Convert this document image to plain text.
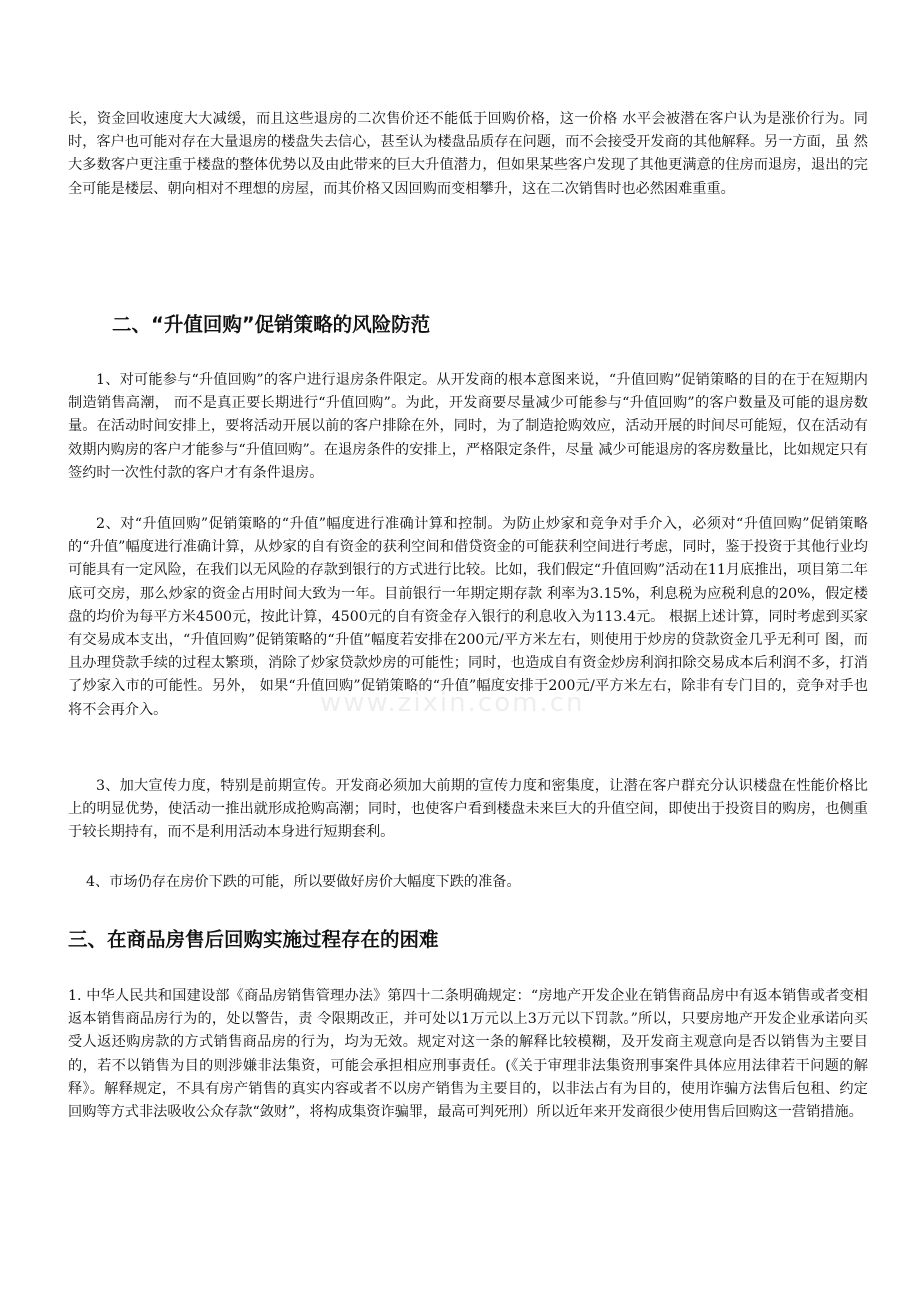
长，资金回收速度大大减缓，而且这些退房的二次售价还不能低于回购价格，这一价格 水平会被潜在客户认为是涨价行为。同时，客户也可能对存在大量退房的楼盘失去信心，甚至认为楼盘品质存在问题，而不会接受开发商的其他解释。另一方面，虽 然大多数客户更注重于楼盘的整体优势以及由此带来的巨大升值潜力，但如果某些客户发现了其他更满意的住房而退房，退出的完全可能是楼层、朝向相对不理想的房屋，而其价格又因回购而变相攀升，这在二次销售时也必然困难重重。

二、“升值回购”促销策略的风险防范

1、对可能参与“升值回购”的客户进行退房条件限定。从开发商的根本意图来说，“升值回购”促销策略的目的在于在短期内制造销售高潮， 而不是真正要长期进行“升值回购”。为此，开发商要尽量减少可能参与“升值回购”的客户数量及可能的退房数量。在活动时间安排上，要将活动开展以前的客户排除在外，同时，为了制造抢购效应，活动开展的时间尽可能短，仅在活动有效期内购房的客户才能参与“升值回购”。在退房条件的安排上，严格限定条件，尽量 减少可能退房的客房数量比，比如规定只有签约时一次性付款的客户才有条件退房。

2、对“升值回购”促销策略的“升值”幅度进行准确计算和控制。为防止炒家和竞争对手介入，必须对“升值回购”促销策略的“升值”幅度进行准确计算，从炒家的自有资金的获利空间和借贷资金的可能获利空间进行考虑，同时，鉴于投资于其他行业均可能具有一定风险，在我们以无风险的存款到银行的方式进行比较。比如，我们假定“升值回购”活动在11月底推出，项目第二年底可交房，那么炒家的资金占用时间大致为一年。目前银行一年期定期存款 利率为3.15%，利息税为应税利息的20%，假定楼盘的均价为每平方米4500元，按此计算，4500元的自有资金存入银行的利息收入为113.4元。 根据上述计算，同时考虑到买家有交易成本支出，“升值回购”促销策略的“升值”幅度若安排在200元/平方米左右，则使用于炒房的贷款资金几乎无利可 图，而且办理贷款手续的过程太繁琐，消除了炒家贷款炒房的可能性；同时，也造成自有资金炒房利润扣除交易成本后利润不多，打消了炒家入市的可能性。另外， 如果“升值回购”促销策略的“升值”幅度安排于200元/平方米左右，除非有专门目的，竞争对手也将不会再介入。

3、加大宣传力度，特别是前期宣传。开发商必须加大前期的宣传力度和密集度，让潜在客户群充分认识楼盘在性能价格比上的明显优势，使活动一推出就形成抢购高潮；同时，也使客户看到楼盘未来巨大的升值空间，即使出于投资目的购房，也侧重于较长期持有，而不是利用活动本身进行短期套利。

4、市场仍存在房价下跌的可能，所以要做好房价大幅度下跌的准备。

三、在商品房售后回购实施过程存在的困难

1. 中华人民共和国建设部《商品房销售管理办法》第四十二条明确规定：“房地产开发企业在销售商品房中有返本销售或者变相返本销售商品房行为的，处以警告，责 令限期改正，并可处以1万元以上3万元以下罚款。”所以，只要房地产开发企业承诺向买受人返还购房款的方式销售商品房的行为，均为无效。规定对这一条的解释比较模糊，及开发商主观意向是否以销售为主要目的，若不以销售为目的则涉嫌非法集资，可能会承担相应刑事责任。(《关于审理非法集资刑事案件具体应用法律若干问题的解释》。解释规定，不具有房产销售的真实内容或者不以房产销售为主要目的，以非法占有为目的，使用诈骗方法售后包租、约定回购等方式非法吸收公众存款“敛财”，将构成集资诈骗罪，最高可判死刑）所以近年来开发商很少使用售后回购这一营销措施。

www.zixin.com.cn
